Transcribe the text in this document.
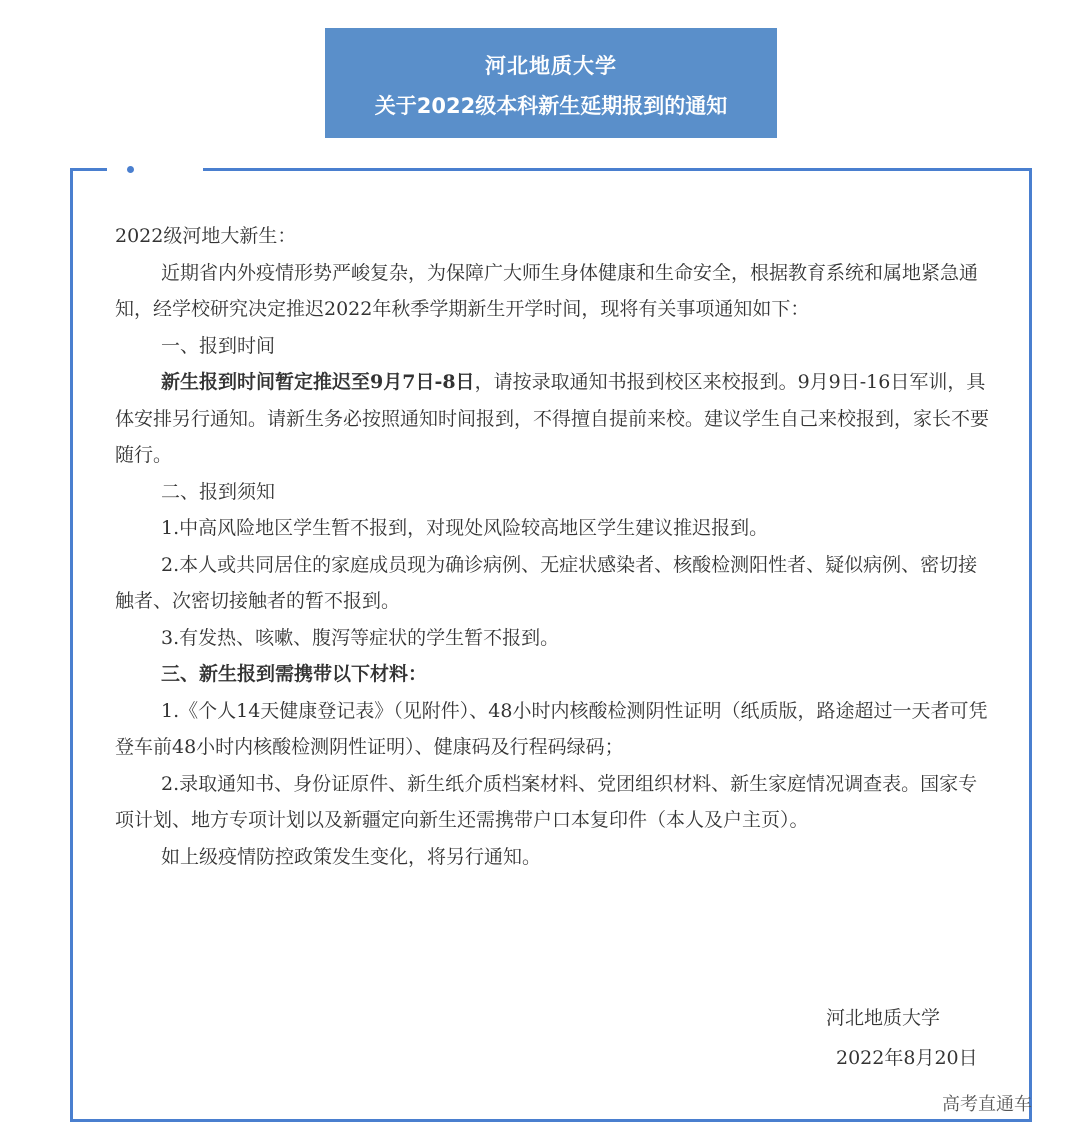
河北地质大学
关于2022级本科新生延期报到的通知

2022级河地大新生：

近期省内外疫情形势严峻复杂，为保障广大师生身体健康和生命安全，根据教育系统和属地紧急通知，经学校研究决定推迟2022年秋季学期新生开学时间，现将有关事项通知如下：

一、报到时间

新生报到时间暂定推迟至9月7日-8日，请按录取通知书报到校区来校报到。9月9日-16日军训，具体安排另行通知。请新生务必按照通知时间报到，不得擅自提前来校。建议学生自己来校报到，家长不要随行。

二、报到须知

1.中高风险地区学生暂不报到，对现处风险较高地区学生建议推迟报到。

2.本人或共同居住的家庭成员现为确诊病例、无症状感染者、核酸检测阳性者、疑似病例、密切接触者、次密切接触者的暂不报到。

3.有发热、咳嗽、腹泻等症状的学生暂不报到。

三、新生报到需携带以下材料：

1.《个人14天健康登记表》（见附件）、48小时内核酸检测阴性证明（纸质版，路途超过一天者可凭登车前48小时内核酸检测阴性证明）、健康码及行程码绿码；

2.录取通知书、身份证原件、新生纸介质档案材料、党团组织材料、新生家庭情况调查表。国家专项计划、地方专项计划以及新疆定向新生还需携带户口本复印件（本人及户主页）。

如上级疫情防控政策发生变化，将另行通知。

河北地质大学
2022年8月20日
高考直通车
